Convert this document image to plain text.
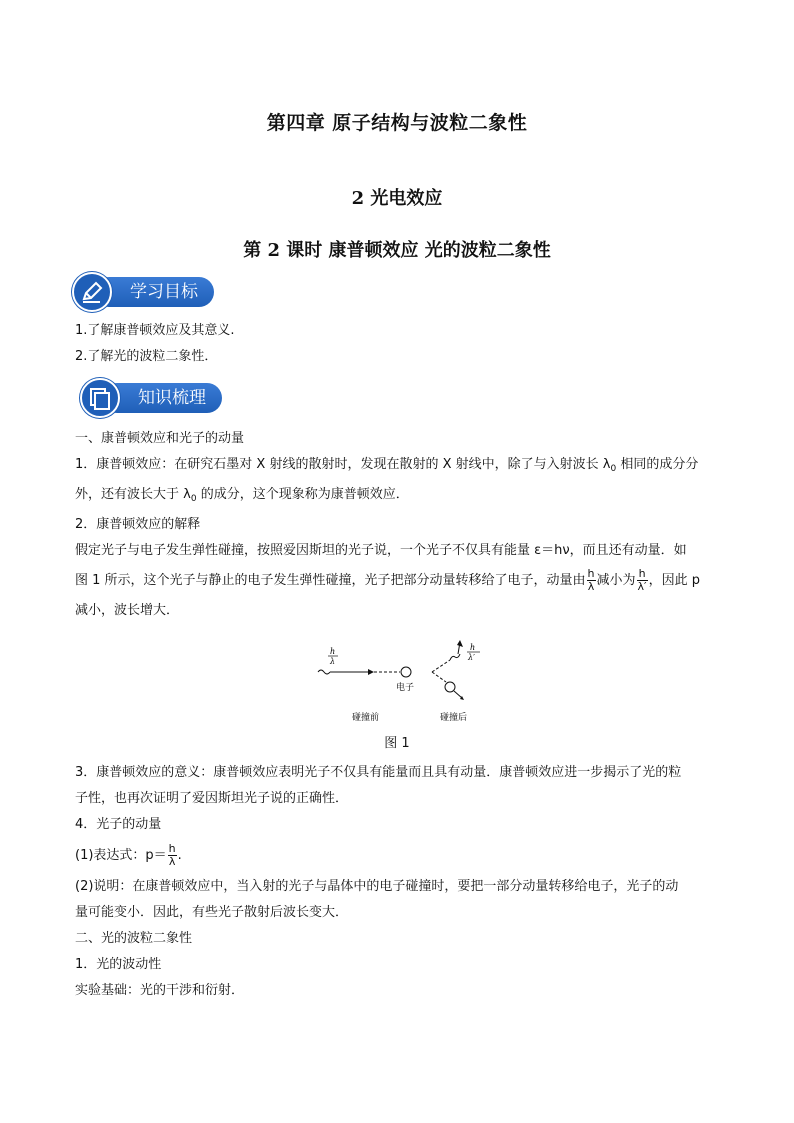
第四章 原子结构与波粒二象性
2 光电效应
第 2 课时 康普顿效应 光的波粒二象性
学习目标
1.了解康普顿效应及其意义.
2.了解光的波粒二象性．
知识梳理
一、康普顿效应和光子的动量
1．康普顿效应：在研究石墨对 X 射线的散射时，发现在散射的 X 射线中，除了与入射波长 $\lambda_0$ 相同的成分分
外，还有波长大于 $\lambda_0$ 的成分，这个现象称为康普顿效应．
2．康普顿效应的解释
假定光子与电子发生弹性碰撞，按照爱因斯坦的光子说，一个光子不仅具有能量 ε＝hν，而且还有动量．如
图 1 所示，这个光子与静止的电子发生弹性碰撞，光子把部分动量转移给了电子，动量由 $\frac{h}{\lambda}$ 减小为 $\frac{h}{\lambda'}$ ，因此 p
减小，波长增大．
h
λ
电子
h
λ′
碰撞前	碰撞后
图 1
3．康普顿效应的意义：康普顿效应表明光子不仅具有能量而且具有动量．康普顿效应进一步揭示了光的粒
子性，也再次证明了爱因斯坦光子说的正确性．
4．光子的动量
(1)表达式：$p= \frac{h}{\lambda}$ .
(2)说明：在康普顿效应中，当入射的光子与晶体中的电子碰撞时，要把一部分动量转移给电子，光子的动
量可能变小．因此，有些光子散射后波长变大．
二、光的波粒二象性
1．光的波动性
实验基础：光的干涉和衍射．
